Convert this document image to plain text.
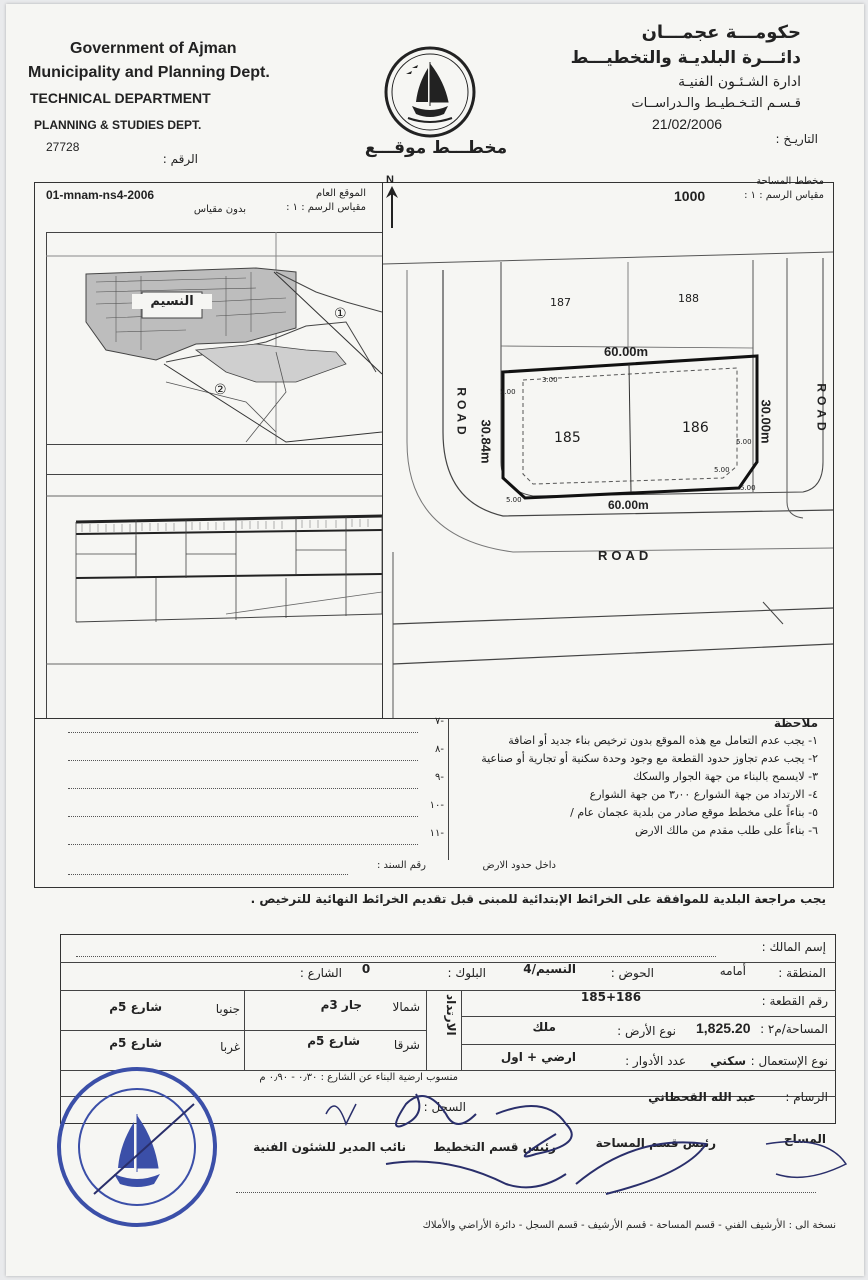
Government of Ajman
Municipality and Planning Dept.
TECHNICAL DEPARTMENT
PLANNING & STUDIES DEPT.
27728
الرقم :
مخطـــط موقـــع
حكومـــة عجمـــان
دائـــرة البلديـة والتخطيـــط
ادارة الشـئـون الفنيـة
قـسـم التـخـطيـط والـدراســات
21/02/2006
التاريـخ :
01-mnam-ns4-2006	الموقع العام
مقياس الرسم : ١ :
بدون مقياس
النسيم
①
②
مخطط المساحة
مقياس الرسم : ١ :
1000
N
187	188
185
186
60.00m
60.00m
30.84m	30.00m
5.00
3.00
5.00
5.00
5.00
5.00
ROAD	ROAD
ROAD
ملاحظة
١- يجب عدم التعامل مع هذه الموقع بدون ترخيص بناء جديد أو اضافة
٢- يجب عدم تجاوز حدود القطعة مع وجود وحدة سكنية أو تجارية أو صناعية
٣- لايسمح بالبناء من جهة الجوار والسكك
٤- الارتداد من جهة الشوارع ٣٫٠٠ من جهة الشوارع
٥- بناءاً على مخطط موقع صادر من بلدية عجمان عام /
٦- بناءاً على طلب مقدم من مالك الارض
-٧
-٨
-٩
-١٠
-١١
داخل حدود الارض
رقم السند :
يجب مراجعة البلدية للموافقة على الخرائط الإبتدائية للمبنى قبل تقديم الخرائط النهائية للترخيص .
إسم المالك :
المنطقة :
أمامه
الحوض :
النسيم/4
البلوك :
0
الشارع :
رقم القطعة :
185+186
المساحة/م٢ :
1,825.20
نوع الأرض :
ملك
نوع الإستعمال :
سكني
عدد الأدوار :
ارضي + اول
الرسام :
عبد الله القحطاني
السجل :
منسوب ارضية البناء عن الشارع : ٠٫٣٠ - ٠٫٩٠ م
الارتداد
شمالا
جار 3م
جنوبا
شارع 5م
شرقا
شارع 5م
غربا
شارع 5م
المساح
رئيس قسم المساحة
رئيس قسم التخطيط
نائب المدير للشئون الفنية
نسخة الى : الأرشيف الفني - قسم المساحة - قسم الأرشيف - قسم السجل - دائرة الأراضي والأملاك
